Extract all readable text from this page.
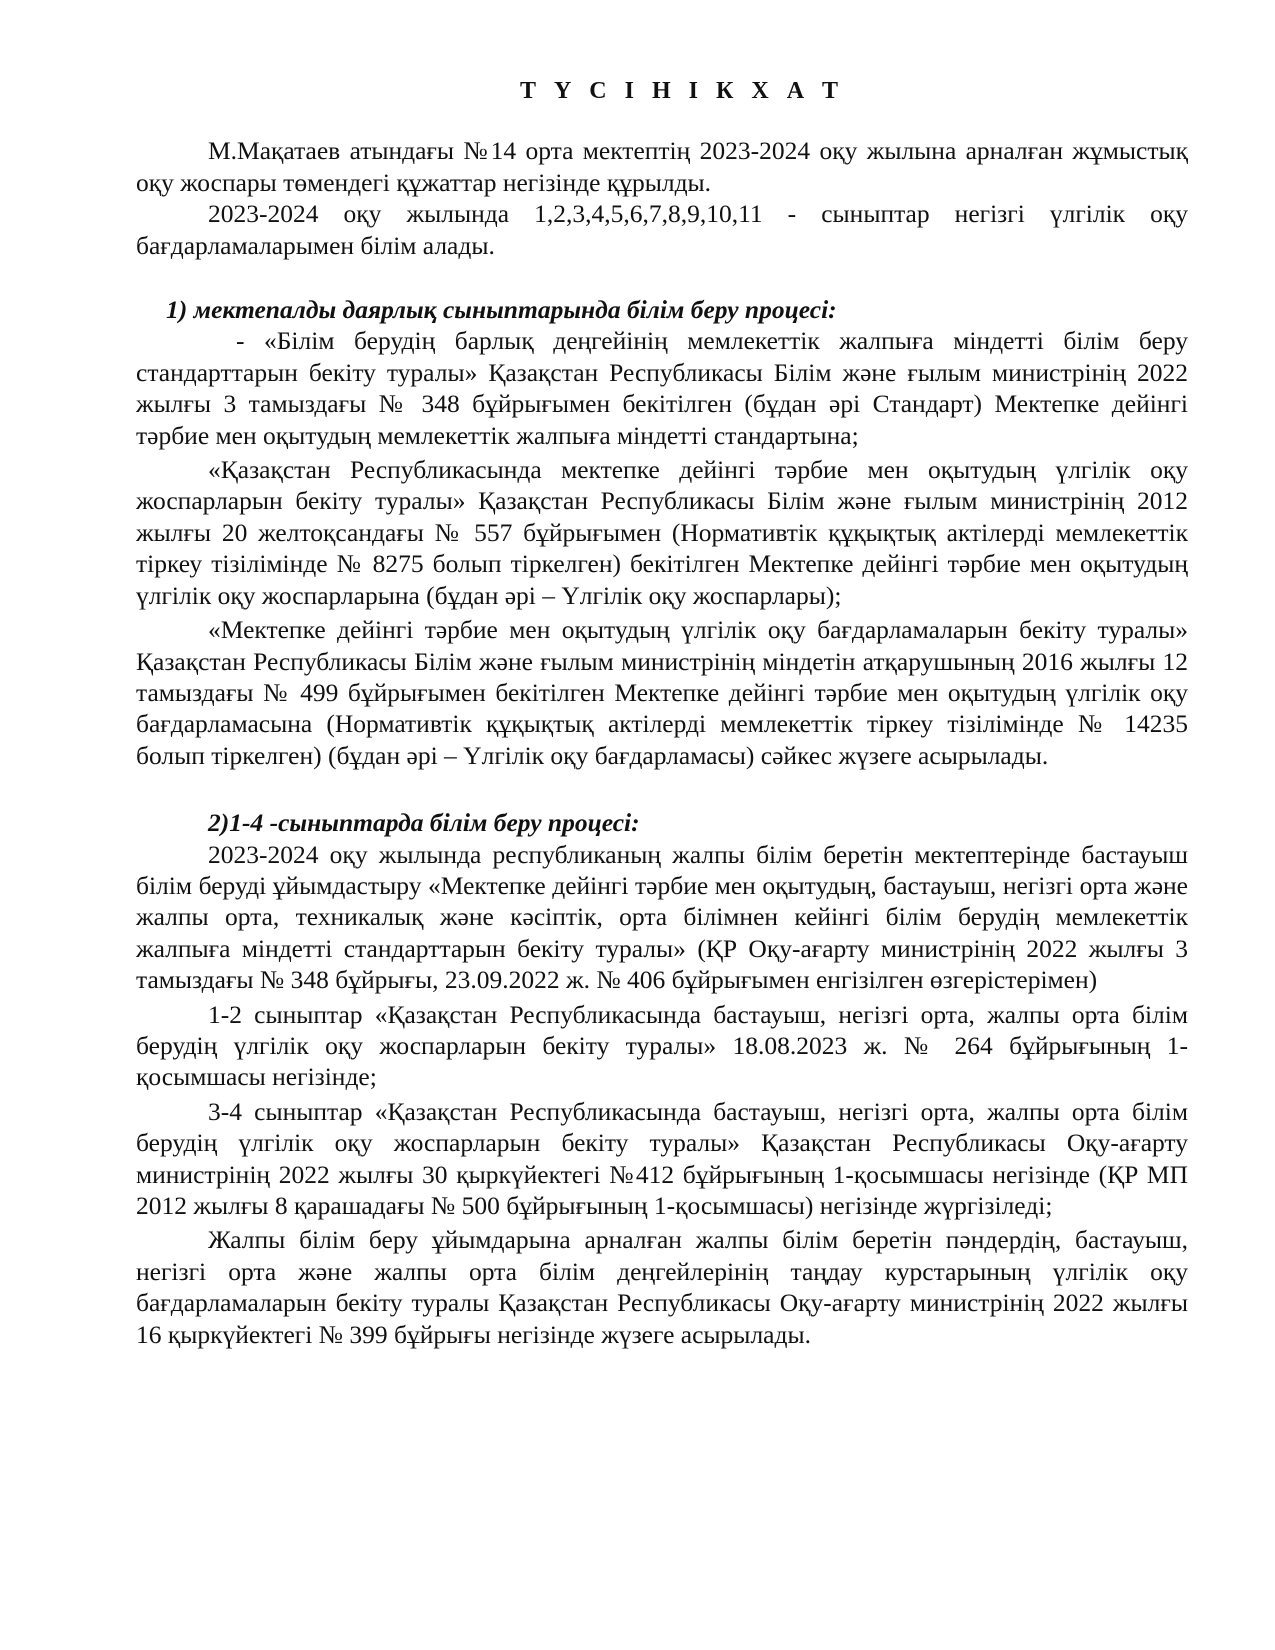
Т Ү С І Н І К Х А Т

М.Мақатаев атындағы №14 орта мектептің 2023-2024 оқу жылына арналған жұмыстық оқу жоспары төмендегі құжаттар негізінде құрылды.

2023-2024 оқу жылында 1,2,3,4,5,6,7,8,9,10,11 - сыныптар негізгі үлгілік оқу бағдарламаларымен білім алады.

1) мектепалды даярлық сыныптарында білім беру процесі:

- «Білім берудің барлық деңгейінің мемлекеттік жалпыға міндетті білім беру стандарттарын бекіту туралы» Қазақстан Республикасы Білім және ғылым министрінің 2022 жылғы 3 тамыздағы № 348 бұйрығымен бекітілген (бұдан әрі Стандарт) Мектепке дейінгі тәрбие мен оқытудың мемлекеттік жалпыға міндетті стандартына;

«Қазақстан Республикасында мектепке дейінгі тәрбие мен оқытудың үлгілік оқу жоспарларын бекіту туралы» Қазақстан Республикасы Білім және ғылым министрінің 2012 жылғы 20 желтоқсандағы № 557 бұйрығымен (Нормативтік құқықтық актілерді мемлекеттік тіркеу тізілімінде № 8275 болып тіркелген) бекітілген Мектепке дейінгі тәрбие мен оқытудың үлгілік оқу жоспарларына (бұдан әрі – Үлгілік оқу жоспарлары);

«Мектепке дейінгі тәрбие мен оқытудың үлгілік оқу бағдарламаларын бекіту туралы» Қазақстан Республикасы Білім және ғылым министрінің міндетін атқарушының 2016 жылғы 12 тамыздағы № 499 бұйрығымен бекітілген Мектепке дейінгі тәрбие мен оқытудың үлгілік оқу бағдарламасына (Нормативтік құқықтық актілерді мемлекеттік тіркеу тізілімінде № 14235 болып тіркелген) (бұдан әрі – Үлгілік оқу бағдарламасы) сәйкес жүзеге асырылады.

2)1-4 -сыныптарда білім беру процесі:

2023-2024 оқу жылында республиканың жалпы білім беретін мектептерінде бастауыш білім беруді ұйымдастыру «Мектепке дейінгі тәрбие мен оқытудың, бастауыш, негізгі орта және жалпы орта, техникалық және кәсіптік, орта білімнен кейінгі білім берудің мемлекеттік жалпыға міндетті стандарттарын бекіту туралы» (ҚР Оқу-ағарту министрінің 2022 жылғы 3 тамыздағы № 348 бұйрығы, 23.09.2022 ж. № 406 бұйрығымен енгізілген өзгерістерімен)

1-2 сыныптар «Қазақстан Республикасында бастауыш, негізгі орта, жалпы орта білім берудің үлгілік оқу жоспарларын бекіту туралы» 18.08.2023 ж. № 264 бұйрығының 1-қосымшасы негізінде;

3-4 сыныптар «Қазақстан Республикасында бастауыш, негізгі орта, жалпы орта білім берудің үлгілік оқу жоспарларын бекіту туралы» Қазақстан Республикасы Оқу-ағарту министрінің 2022 жылғы 30 қыркүйектегі №412 бұйрығының 1-қосымшасы негізінде (ҚР МП 2012 жылғы 8 қарашадағы № 500 бұйрығының 1-қосымшасы) негізінде жүргізіледі;

Жалпы білім беру ұйымдарына арналған жалпы білім беретін пәндердің, бастауыш, негізгі орта және жалпы орта білім деңгейлерінің таңдау курстарының үлгілік оқу бағдарламаларын бекіту туралы Қазақстан Республикасы Оқу-ағарту министрінің 2022 жылғы 16 қыркүйектегі № 399 бұйрығы негізінде жүзеге асырылады.
